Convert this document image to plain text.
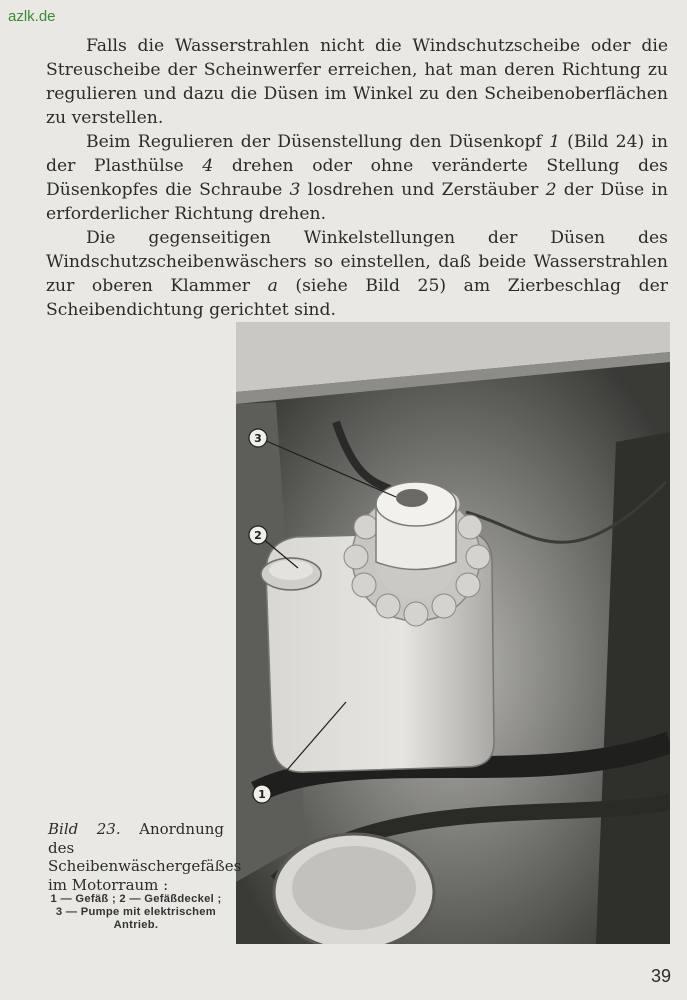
azlk.de

Falls die Wasserstrahlen nicht die Windschutzscheibe oder die Streuscheibe der Scheinwerfer erreichen, hat man deren Richtung zu regulieren und dazu die Düsen im Winkel zu den Scheibenoberflächen zu verstellen.

Beim Regulieren der Düsenstellung den Düsenkopf 1 (Bild 24) in der Plasthülse 4 drehen oder ohne veränderte Stellung des Düsenkopfes die Schraube 3 losdrehen und Zerstäuber 2 der Düse in erforderlicher Richtung drehen.

Die gegenseitigen Winkelstellungen der Düsen des Windschutzscheibenwäschers so einstellen, daß beide Wasserstrahlen zur oberen Klammer a (siehe Bild 25) am Zierbeschlag der Scheibendichtung gerichtet sind.

3
2
1
Bild 23. Anordnung des Scheibenwäschergefäßes im Motorraum :
1 — Gefäß ; 2 — Gefäßdeckel ; 3 — Pumpe mit elektrischem Antrieb.
39
